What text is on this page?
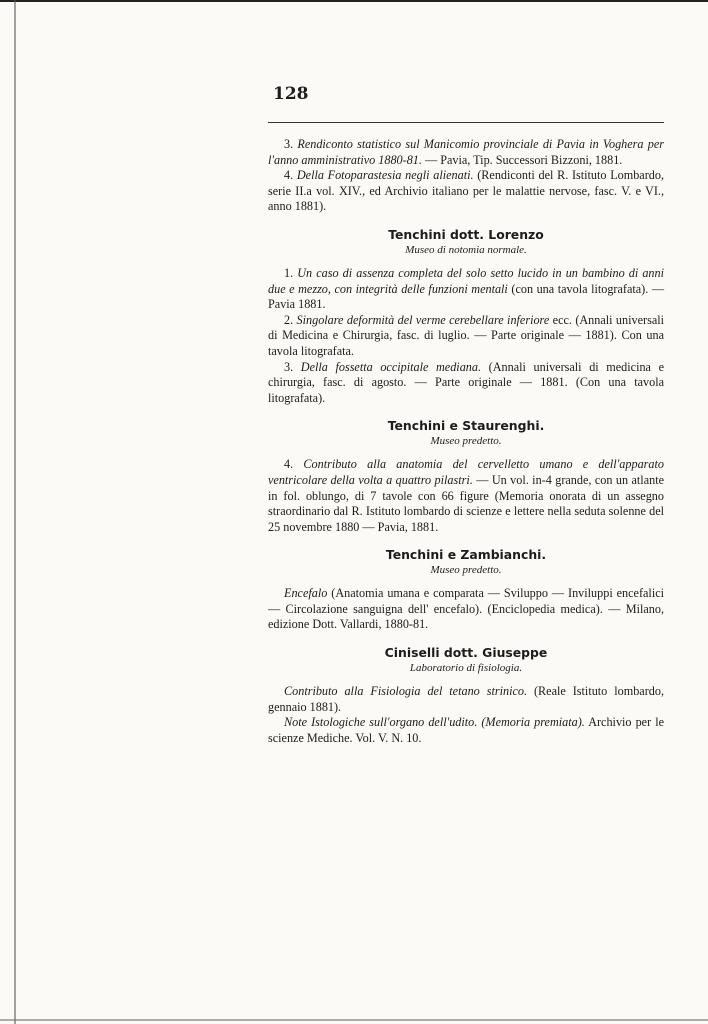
128

3. Rendiconto statistico sul Manicomio provinciale di Pavia in Voghera per l'anno amministrativo 1880-81. — Pavia, Tip. Successori Bizzoni, 1881.

4. Della Fotoparastesia negli alienati. (Rendiconti del R. Istituto Lombardo, serie II.a vol. XIV., ed Archivio italiano per le malattie nervose, fasc. V. e VI., anno 1881).

Tenchini dott. Lorenzo
Museo di notomia normale.

1. Un caso di assenza completa del solo setto lucido in un bambino di anni due e mezzo, con integrità delle funzioni mentali (con una tavola litografata). — Pavia 1881.

2. Singolare deformità del verme cerebellare inferiore ecc. (Annali universali di Medicina e Chirurgia, fasc. di luglio. — Parte originale — 1881). Con una tavola litografata.

3. Della fossetta occipitale mediana. (Annali universali di medicina e chirurgia, fasc. di agosto. — Parte originale — 1881. (Con una tavola litografata).

Tenchini e Staurenghi.
Museo predetto.

4. Contributo alla anatomia del cervelletto umano e dell'apparato ventricolare della volta a quattro pilastri. — Un vol. in-4 grande, con un atlante in fol. oblungo, di 7 tavole con 66 figure (Memoria onorata di un assegno straordinario dal R. Istituto lombardo di scienze e lettere nella seduta solenne del 25 novembre 1880 — Pavia, 1881.

Tenchini e Zambianchi.
Museo predetto.

Encefalo (Anatomia umana e comparata — Sviluppo — Inviluppi encefalici — Circolazione sanguigna dell' encefalo). (Enciclopedia medica). — Milano, edizione Dott. Vallardi, 1880-81.

Ciniselli dott. Giuseppe
Laboratorio di fisiologia.

Contributo alla Fisiologia del tetano strinico. (Reale Istituto lombardo, gennaio 1881).

Note Istologiche sull'organo dell'udito. (Memoria premiata). Archivio per le scienze Mediche. Vol. V. N. 10.
